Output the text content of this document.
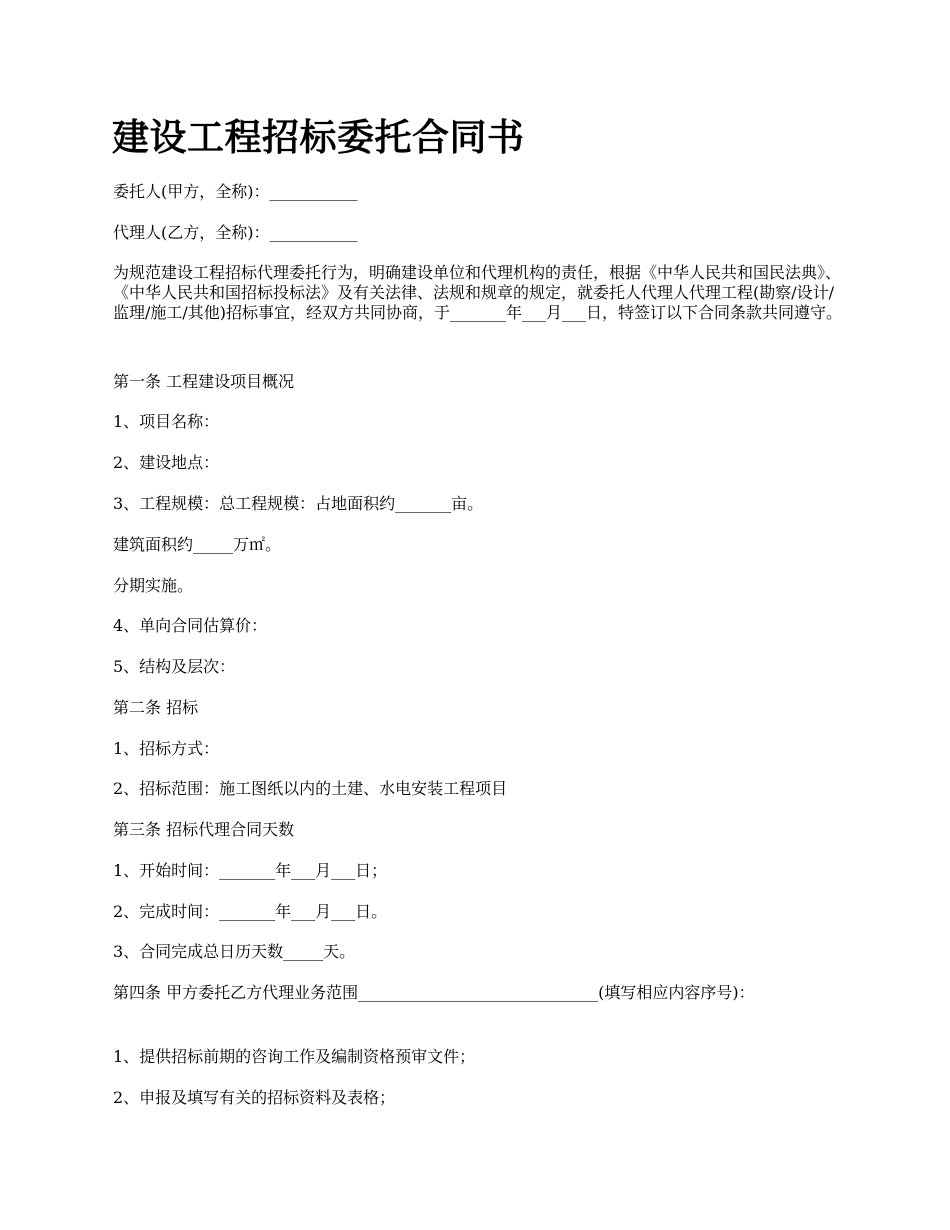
建设工程招标委托合同书

委托人(甲方，全称)：___________

代理人(乙方，全称)：___________

为规范建设工程招标代理委托行为，明确建设单位和代理机构的责任，根据《中华人民共和国民法典》、《中华人民共和国招标投标法》及有关法律、法规和规章的规定，就委托人代理人代理工程(勘察/设计/监理/施工/其他)招标事宜，经双方共同协商，于_______年___月___日，特签订以下合同条款共同遵守。

第一条 工程建设项目概况

1、项目名称：

2、建设地点：

3、工程规模：总工程规模：占地面积约_______亩。

建筑面积约_____万㎡。

分期实施。

4、单向合同估算价：

5、结构及层次：

第二条 招标

1、招标方式：

2、招标范围：施工图纸以内的土建、水电安装工程项目

第三条 招标代理合同天数

1、开始时间：_______年___月___日；

2、完成时间：_______年___月___日。

3、合同完成总日历天数_____天。

第四条 甲方委托乙方代理业务范围______________________________(填写相应内容序号)：

1、提供招标前期的咨询工作及编制资格预审文件；

2、申报及填写有关的招标资料及表格；
